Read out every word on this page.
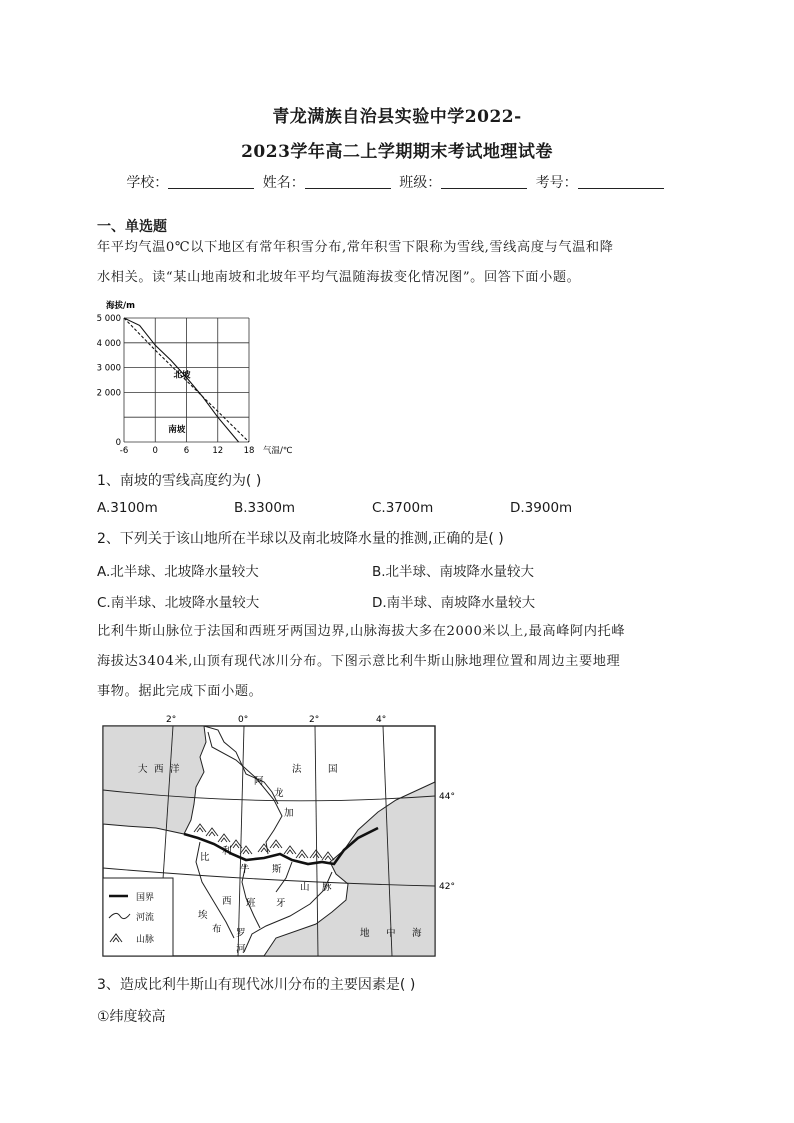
青龙满族自治县实验中学2022-
2023学年高二上学期期末考试地理试卷
学校：	姓名：	班级：	考号：
一、单选题
年平均气温0℃以下地区有常年积雪分布,常年积雪下限称为雪线,雪线高度与气温和降
水相关。读“某山地南坡和北坡年平均气温随海拔变化情况图”。回答下面小题。
-6	0	6	12 18
0
2 000
3 000
4 000
5 000
海拔/m
气温/℃
北坡
南坡
1、南坡的雪线高度约为( )
A.3100m	B.3300m	C.3700m	D.3900m
2、下列关于该山地所在半球以及南北坡降水量的推测,正确的是( )
A.北半球、北坡降水量较大	B.北半球、南坡降水量较大
C.南半球、北坡降水量较大	D.南半球、南坡降水量较大
比利牛斯山脉位于法国和西班牙两国边界,山脉海拔大多在2000米以上,最高峰阿内托峰
海拔达3404米,山顶有现代冰川分布。下图示意比利牛斯山脉地理位置和周边主要地理
事物。据此完成下面小题。
国界
河流
山脉
2°	0°	2°	4°
44°
42°
大 西 洋	法	国
阿
龙
加
比
利
牛 斯
山 脉
西 班 牙
埃
布 罗
河
地 中 海
3、造成比利牛斯山有现代冰川分布的主要因素是( )
①纬度较高
